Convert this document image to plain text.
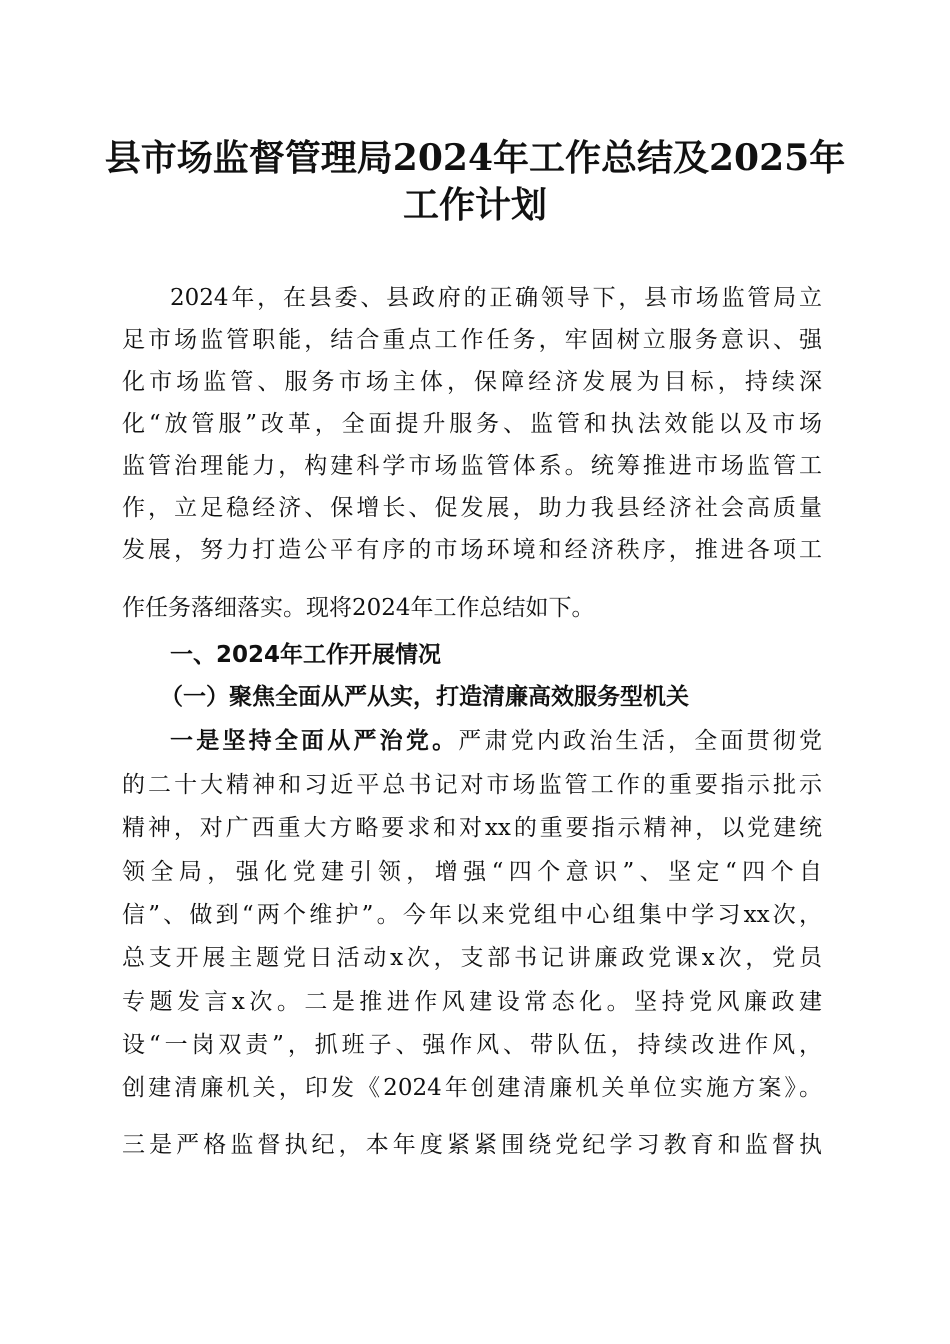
县市场监督管理局2024年工作总结及2025年
工作计划
2024年，在县委、县政府的正确领导下，县市场监管局立
足市场监管职能，结合重点工作任务，牢固树立服务意识、强
化市场监管、服务市场主体，保障经济发展为目标，持续深
化“放管服”改革，全面提升服务、监管和执法效能以及市场
监管治理能力，构建科学市场监管体系。统筹推进市场监管工
作，立足稳经济、保增长、促发展，助力我县经济社会高质量
发展，努力打造公平有序的市场环境和经济秩序，推进各项工
作任务落细落实。现将2024年工作总结如下。
一、2024年工作开展情况
（一）聚焦全面从严从实，打造清廉高效服务型机关
一是坚持全面从严治党。严肃党内政治生活，全面贯彻党
的二十大精神和习近平总书记对市场监管工作的重要指示批示
精神，对广西重大方略要求和对xx的重要指示精神，以党建统
领全局，强化党建引领，增强“四个意识”、坚定“四个自
信”、做到“两个维护”。今年以来党组中心组集中学习xx次，
总支开展主题党日活动x次，支部书记讲廉政党课x次，党员
专题发言x次。二是推进作风建设常态化。坚持党风廉政建
设“一岗双责”，抓班子、强作风、带队伍，持续改进作风，
创建清廉机关，印发《2024年创建清廉机关单位实施方案》。
三是严格监督执纪，本年度紧紧围绕党纪学习教育和监督执
